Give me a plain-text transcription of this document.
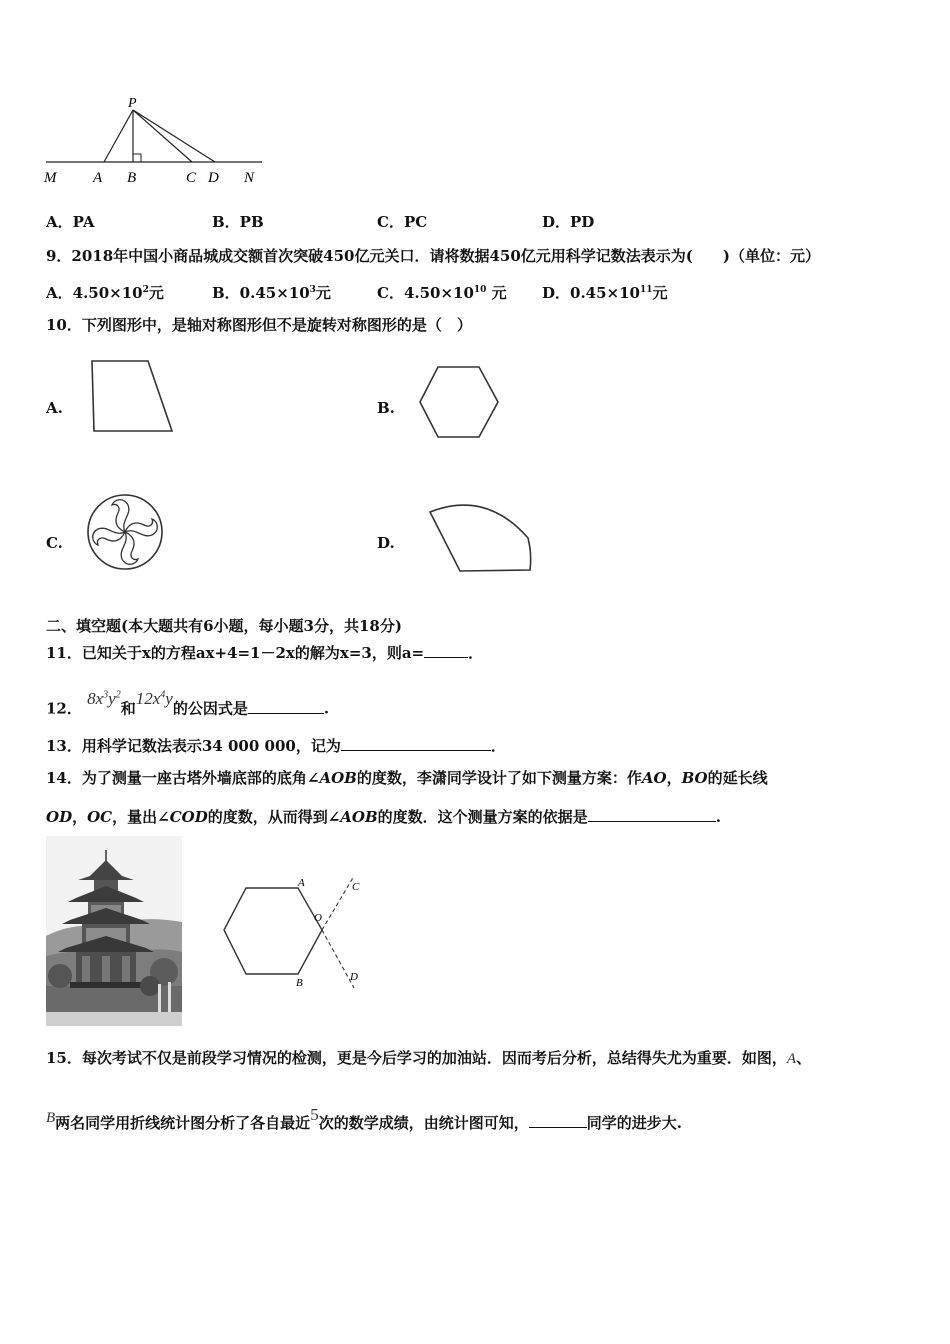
P
M A B	C D N
A．PA	B．PB	C．PC	D．PD
9．2018年中国小商品城成交额首次突破450亿元关口．请将数据450亿元用科学记数法表示为(　　)（单位：元）
A．$4.50\times 10^2$元	B．$0.45\times 10^3$元	C．$4.50\times 10^{10}$ 元 D．$0.45\times 10^{11}$元
10．下列图形中，是轴对称图形但不是旋转对称图形的是（　）
A.	B.
C.	D.
二、填空题(本大题共有6小题，每小题3分，共18分)
11．已知关于x的方程ax+4=1－2x的解为x=3，则a=	．
12． $8x^3y^2$和$12x^4y$的公因式是	.
13．用科学记数法表示34 000 000，记为	．
14．为了测量一座古塔外墙底部的底角∠AOB的度数，李潇同学设计了如下测量方案：作AO，BO的延长线
OD，OC，量出∠COD的度数，从而得到∠AOB的度数．这个测量方案的依据是	.
A
B
C
D
O
15．每次考试不仅是前段学习情况的检测，更是今后学习的加油站．因而考后分析，总结得失尤为重要．如图，A、
B两名同学用折线统计图分析了各自最近5次的数学成绩，由统计图可知，	同学的进步大.
